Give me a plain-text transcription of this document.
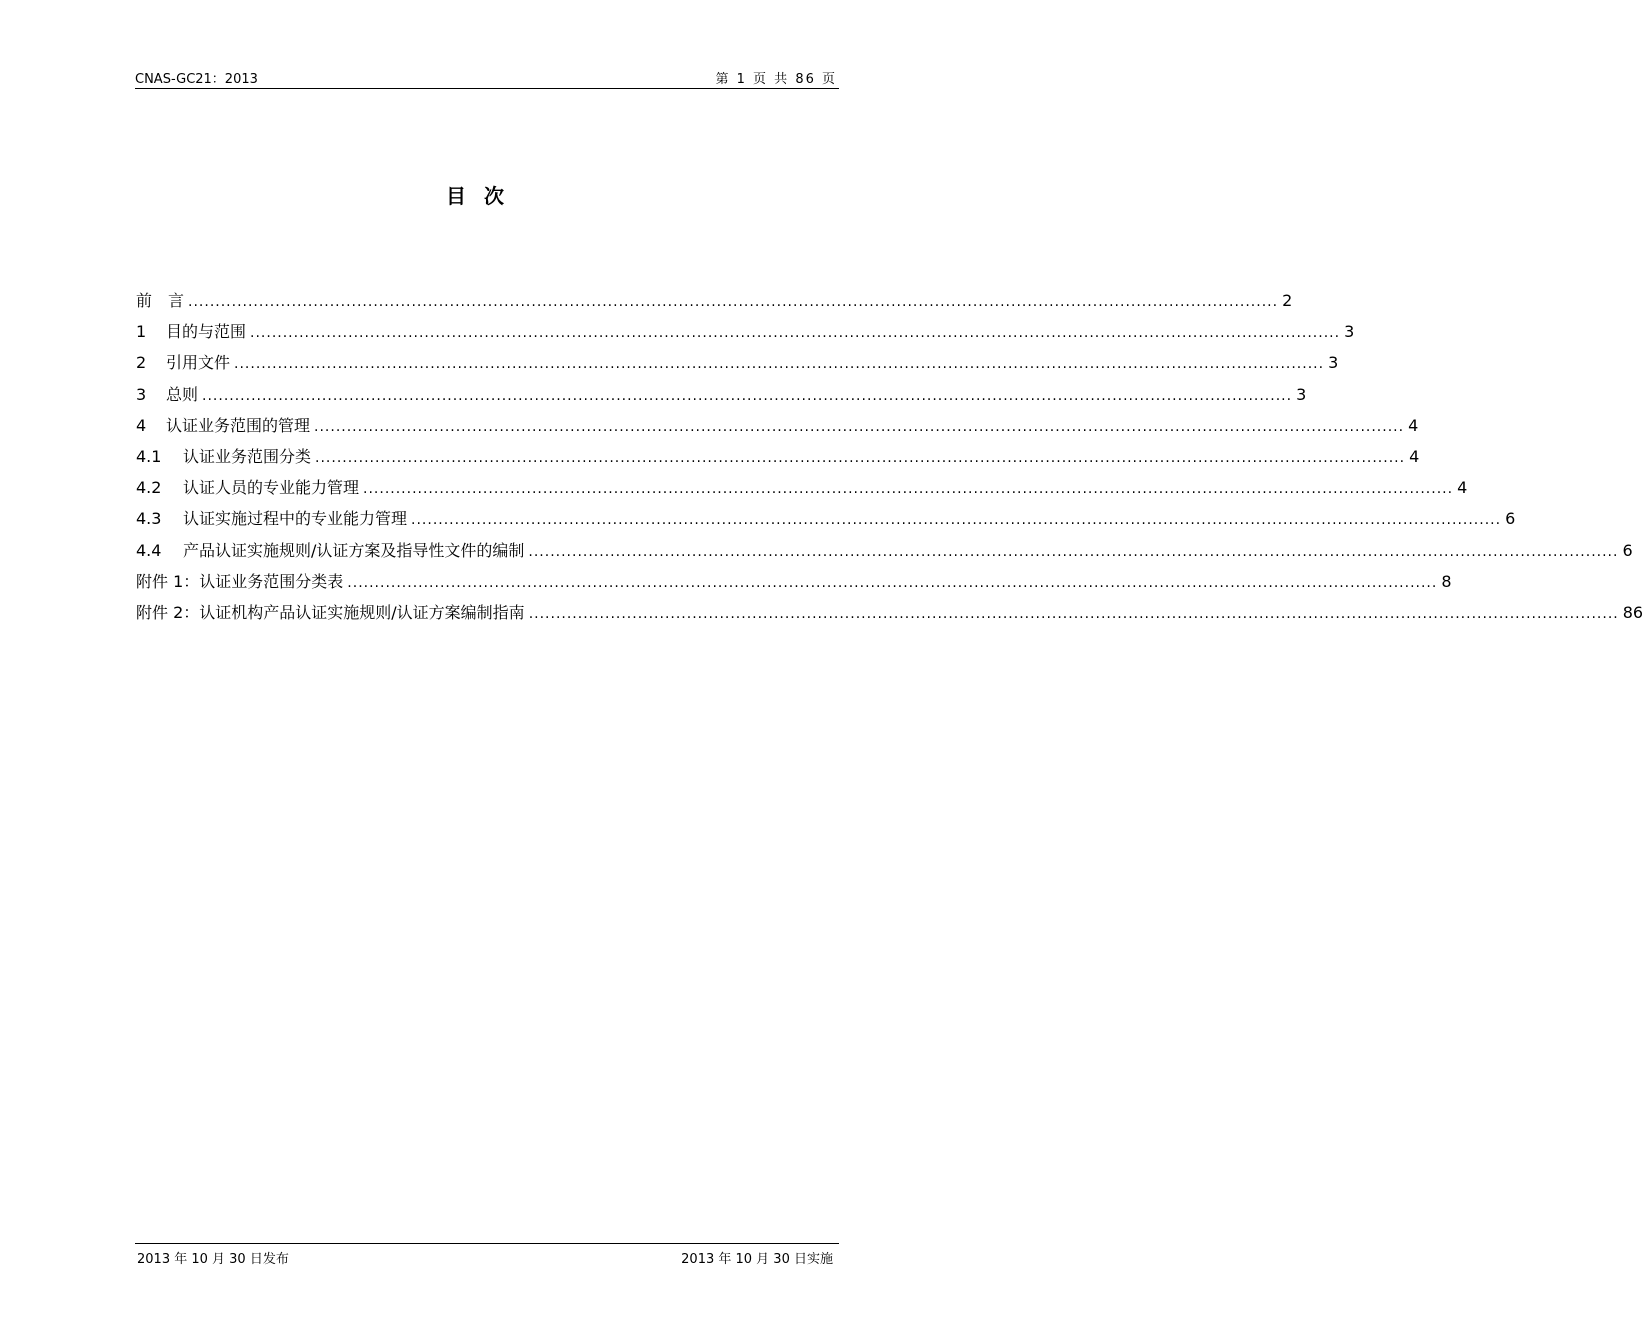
CNAS-GC21：2013	第 1 页 共 86 页
目次
前　言 ........................................................................................................................................................................................................ 2
1	目的与范围 ........................................................................................................................................................................................................ 3
2	引用文件 ........................................................................................................................................................................................................ 3
3	总则 ........................................................................................................................................................................................................ 3
4	认证业务范围的管理 ........................................................................................................................................................................................................ 4
4.1	认证业务范围分类 ........................................................................................................................................................................................................ 4
4.2	认证人员的专业能力管理 ........................................................................................................................................................................................................ 4
4.3	认证实施过程中的专业能力管理 ........................................................................................................................................................................................................ 6
4.4	产品认证实施规则/认证方案及指导性文件的编制 ........................................................................................................................................................................................................ 6
附件 1： 认证业务范围分类表 ........................................................................................................................................................................................................ 8
附件 2： 认证机构产品认证实施规则/认证方案编制指南 ........................................................................................................................................................................................................ 86
2013 年 10 月 30 日发布	2013 年 10 月 30 日实施
